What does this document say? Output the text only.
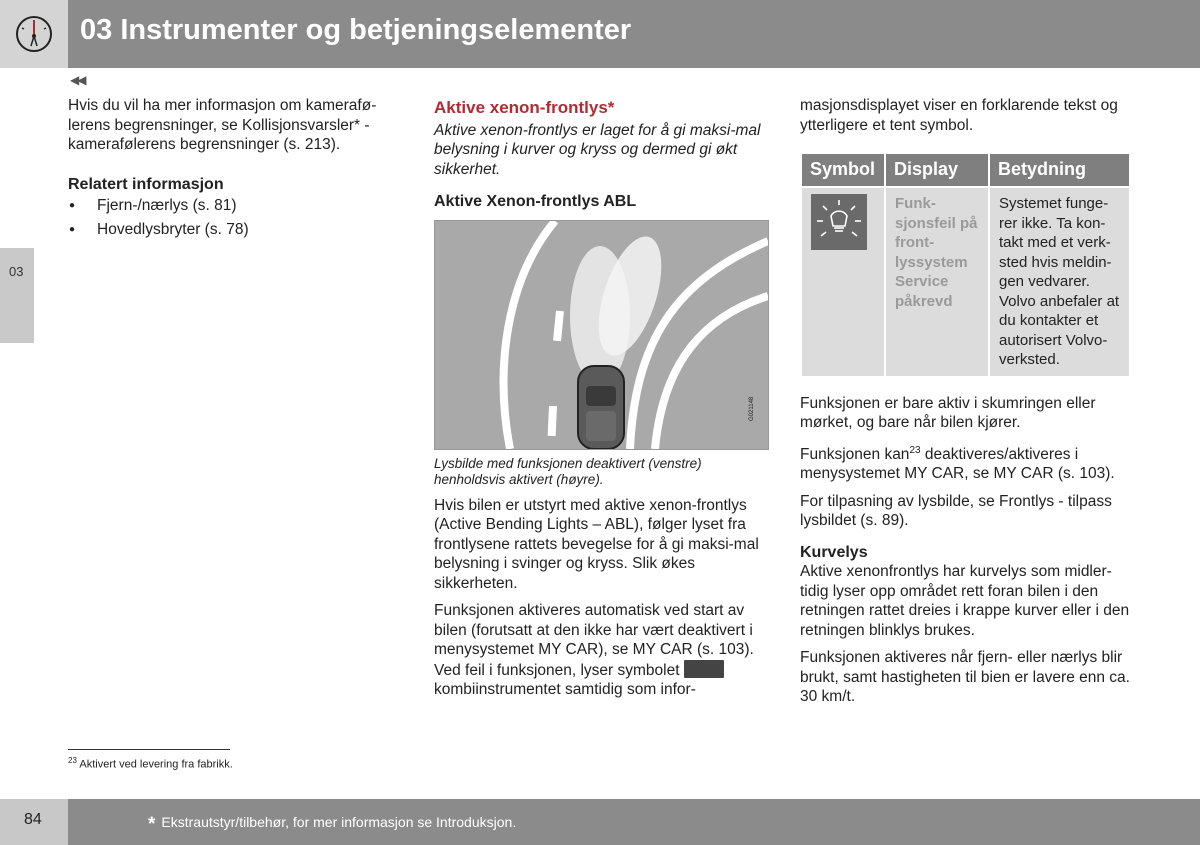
03 Instrumenter og betjeningselementer
◀◀
03

Hvis du vil ha mer informasjon om kamerafø-lerens begrensninger, se Kollisjonsvarsler* - kamerafølerens begrensninger (s. 213).

Relatert informasjon

● Fjern-/nærlys (s. 81)
● Hovedlysbryter (s. 78)

Aktive xenon-frontlys*

Aktive xenon-frontlys er laget for å gi maksi-mal belysning i kurver og kryss og dermed gi økt sikkerhet.

Aktive Xenon-frontlys ABL

G021148

Lysbilde med funksjonen deaktivert (venstre) henholdsvis aktivert (høyre).

Hvis bilen er utstyrt med aktive xenon-frontlys (Active Bending Lights – ABL), følger lyset fra frontlysene rattets bevegelse for å gi maksi-mal belysning i svinger og kryss. Slik økes sikkerheten.

Funksjonen aktiveres automatisk ved start av bilen (forutsatt at den ikke har vært deaktivert i menysystemet MY CAR), se MY CAR (s. 103). Ved feil i funksjonen, lyser symbolet kombiinstrumentet samtidig som infor-

masjonsdisplayet viser en forklarende tekst og ytterligere et tent symbol.

Symbol	Display	Betydning

	Funk-sjonsfeil på front-lyssystem Service påkrevd	Systemet funge-rer ikke. Ta kon-takt med et verk-sted hvis meldin-gen vedvarer. Volvo anbefaler at du kontakter et autorisert Volvo-verksted.

Funksjonen er bare aktiv i skumringen eller mørket, og bare når bilen kjører.

Funksjonen kan$^{23}$ deaktiveres/aktiveres i menysystemet MY CAR, se MY CAR (s. 103).

For tilpasning av lysbilde, se Frontlys - tilpass lysbildet (s. 89).

Kurvelys

Aktive xenonfrontlys har kurvelys som midler-tidig lyser opp området rett foran bilen i den retningen rattet dreies i krappe kurver eller i den retningen blinklys brukes.

Funksjonen aktiveres når fjern- eller nærlys blir brukt, samt hastigheten til bien er lavere enn ca. 30 km/t.

$^{23}$ Aktivert ved levering fra fabrikk.
84	* Ekstrautstyr/tilbehør, for mer informasjon se Introduksjon.
